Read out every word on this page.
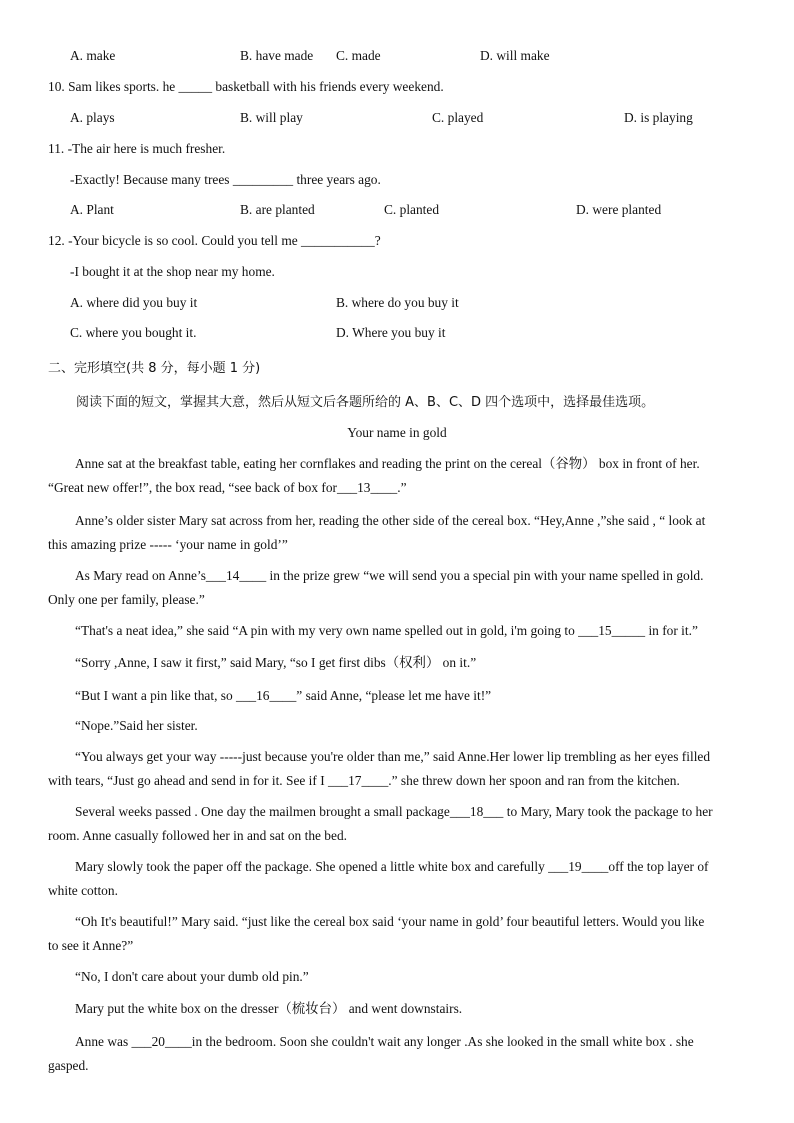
A. make	B. have made C. made	D. will make
10. Sam likes sports. he _____ basketball with his friends every weekend.
A. plays	B. will play	C. played	D. is playing
11. -The air here is much fresher.
-Exactly! Because many trees _________ three years ago.
A. Plant	B. are planted	C. planted	D. were planted
12. -Your bicycle is so cool. Could you tell me ___________?
-I bought it at the shop near my home.
A. where did you buy it	B. where do you buy it
C. where you bought it.	D. Where you buy it
二、完形填空(共 8 分，每小题 1 分)
阅读下面的短文，掌握其大意，然后从短文后各题所给的 A、B、C、D 四个选项中，选择最佳选项。
Your name in gold
Anne sat at the breakfast table, eating her cornflakes and reading the print on the cereal（谷物） box in front of her.
“Great new offer!”, the box read, “see back of box for___13____.”
Anne’s older sister Mary sat across from her, reading the other side of the cereal box. “Hey,Anne ,”she said , “ look at
this amazing prize ----- ‘your name in gold’”
As Mary read on Anne’s___14____ in the prize grew “we will send you a special pin with your name spelled in gold.
Only one per family, please.”
“That's a neat idea,” she said “A pin with my very own name spelled out in gold, i'm going to ___15_____ in for it.”
“Sorry ,Anne, I saw it first,” said Mary, “so I get first dibs（权利） on it.”
“But I want a pin like that, so ___16____” said Anne, “please let me have it!”
“Nope.”Said her sister.
“You always get your way -----just because you're older than me,” said Anne.Her lower lip trembling as her eyes filled
with tears, “Just go ahead and send in for it. See if I ___17____.” she threw down her spoon and ran from the kitchen.
Several weeks passed . One day the mailmen brought a small package___18___ to Mary, Mary took the package to her
room. Anne casually followed her in and sat on the bed.
Mary slowly took the paper off the package. She opened a little white box and carefully ___19____off the top layer of
white cotton.
“Oh It's beautiful!” Mary said. “just like the cereal box said ‘your name in gold’ four beautiful letters. Would you like
to see it Anne?”
“No, I don't care about your dumb old pin.”
Mary put the white box on the dresser（梳妆台） and went downstairs.
Anne was ___20____in the bedroom. Soon she couldn't wait any longer .As she looked in the small white box . she
gasped.
